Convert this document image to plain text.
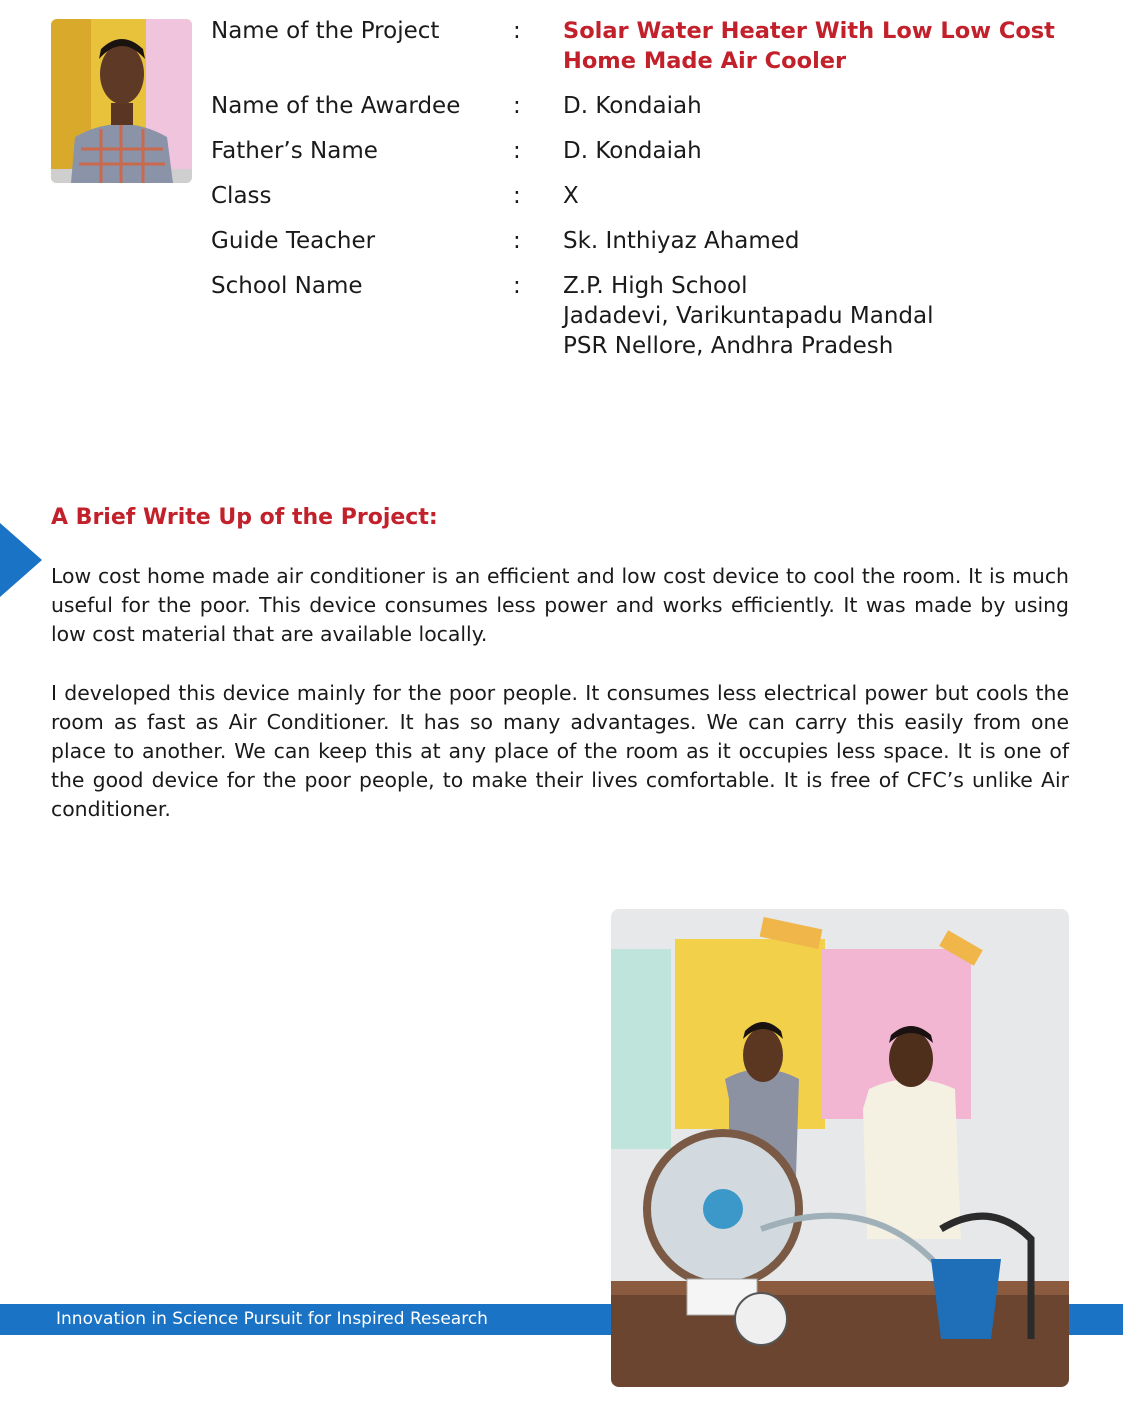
Name of the Project	: Solar Water Heater With Low Low Cost
Home Made Air Cooler
Name of the Awardee	: D. Kondaiah
Father’s Name	: D. Kondaiah
Class	: X
Guide Teacher	: Sk. Inthiyaz Ahamed
School Name	: Z.P. High School
Jadadevi, Varikuntapadu Mandal
PSR Nellore, Andhra Pradesh
A Brief Write Up of the Project:

Low cost home made air conditioner is an efficient and low cost device to cool the room. It is much useful for the poor. This device consumes less power and works efficiently. It was made by using low cost material that are available locally.

I developed this device mainly for the poor people. It consumes less electrical power but cools the room as fast as Air Conditioner. It has so many advantages. We can carry this easily from one place to another. We can keep this at any place of the room as it occupies less space. It is one of the good device for the poor people, to make their lives comfortable. It is free of CFC’s unlike Air conditioner.

Innovation in Science Pursuit for Inspired Research
